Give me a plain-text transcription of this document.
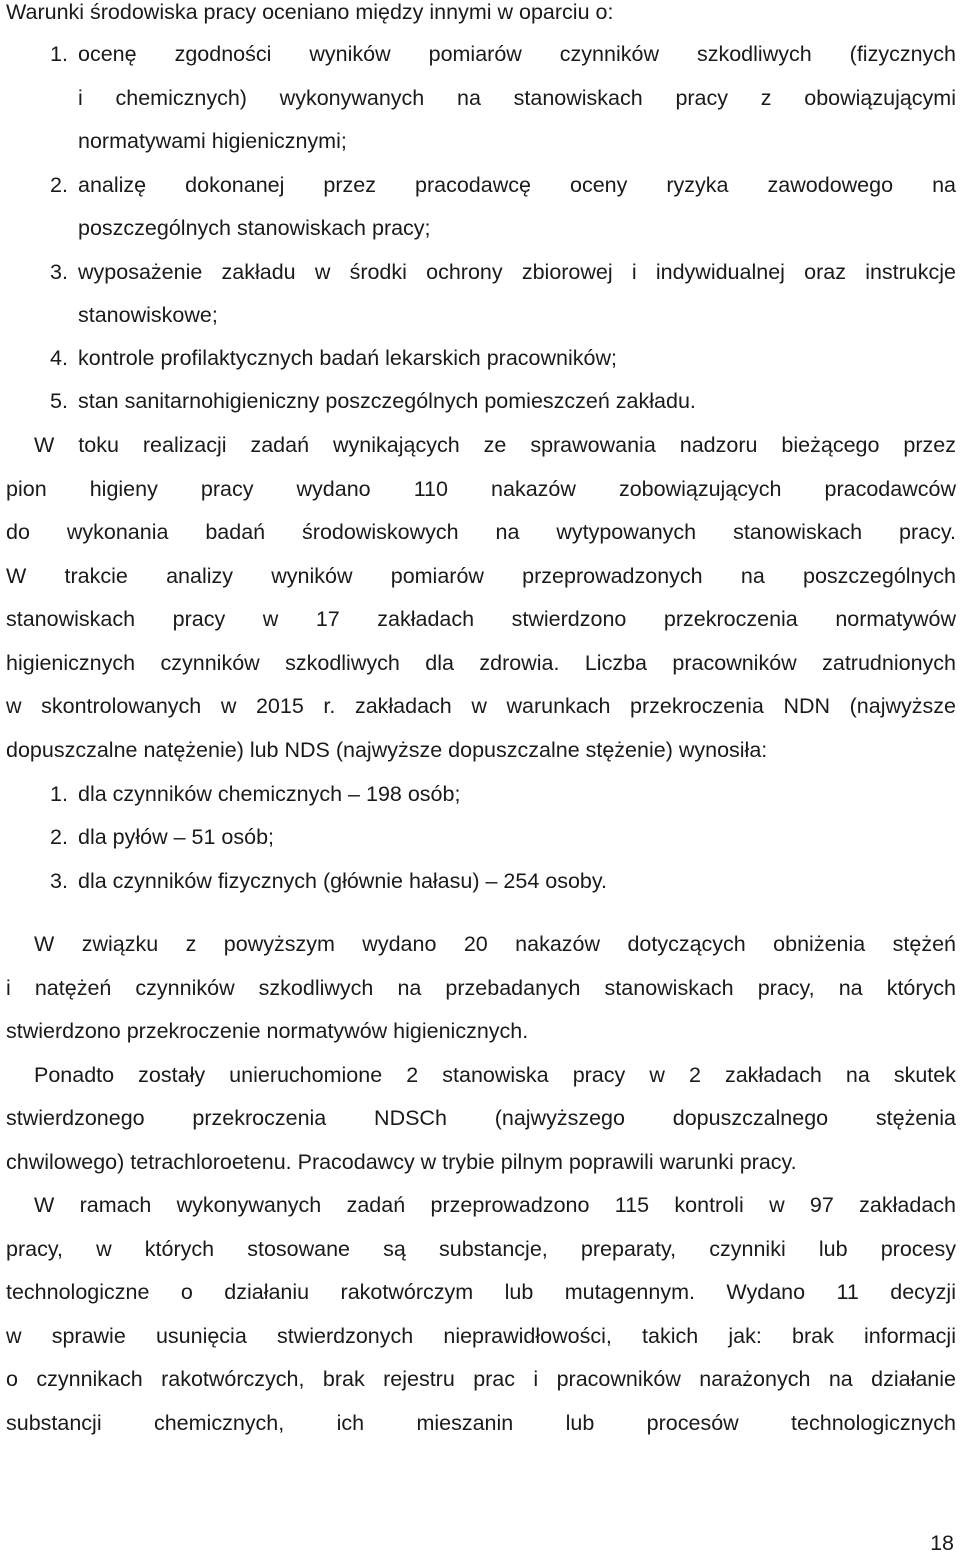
Warunki środowiska pracy oceniano między innymi w oparciu o:
1. ocenę zgodności wyników pomiarów czynników szkodliwych (fizycznych
i chemicznych) wykonywanych na stanowiskach pracy z obowiązującymi
normatywami higienicznymi;
2. analizę dokonanej przez pracodawcę oceny ryzyka zawodowego na
poszczególnych stanowiskach pracy;
3. wyposażenie zakładu w środki ochrony zbiorowej i indywidualnej oraz instrukcje
stanowiskowe;
4. kontrole profilaktycznych badań lekarskich pracowników;
5. stan sanitarnohigieniczny poszczególnych pomieszczeń zakładu.
W toku realizacji zadań wynikających ze sprawowania nadzoru bieżącego przez
pion higieny pracy wydano 110 nakazów zobowiązujących pracodawców
do wykonania badań środowiskowych na wytypowanych stanowiskach pracy.
W trakcie analizy wyników pomiarów przeprowadzonych na poszczególnych
stanowiskach pracy w 17 zakładach stwierdzono przekroczenia normatywów
higienicznych czynników szkodliwych dla zdrowia. Liczba pracowników zatrudnionych
w skontrolowanych w 2015 r. zakładach w warunkach przekroczenia NDN (najwyższe
dopuszczalne natężenie) lub NDS (najwyższe dopuszczalne stężenie) wynosiła:
1. dla czynników chemicznych – 198 osób;
2. dla pyłów – 51 osób;
3. dla czynników fizycznych (głównie hałasu) – 254 osoby.
W związku z powyższym wydano 20 nakazów dotyczących obniżenia stężeń
i natężeń czynników szkodliwych na przebadanych stanowiskach pracy, na których
stwierdzono przekroczenie normatywów higienicznych.
Ponadto zostały unieruchomione 2 stanowiska pracy w 2 zakładach na skutek
stwierdzonego przekroczenia NDSCh (najwyższego dopuszczalnego stężenia
chwilowego) tetrachloroetenu. Pracodawcy w trybie pilnym poprawili warunki pracy.
W ramach wykonywanych zadań przeprowadzono 115 kontroli w 97 zakładach
pracy, w których stosowane są substancje, preparaty, czynniki lub procesy
technologiczne o działaniu rakotwórczym lub mutagennym. Wydano 11 decyzji
w sprawie usunięcia stwierdzonych nieprawidłowości, takich jak: brak informacji
o czynnikach rakotwórczych, brak rejestru prac i pracowników narażonych na działanie
substancji chemicznych, ich mieszanin lub procesów technologicznych
18
